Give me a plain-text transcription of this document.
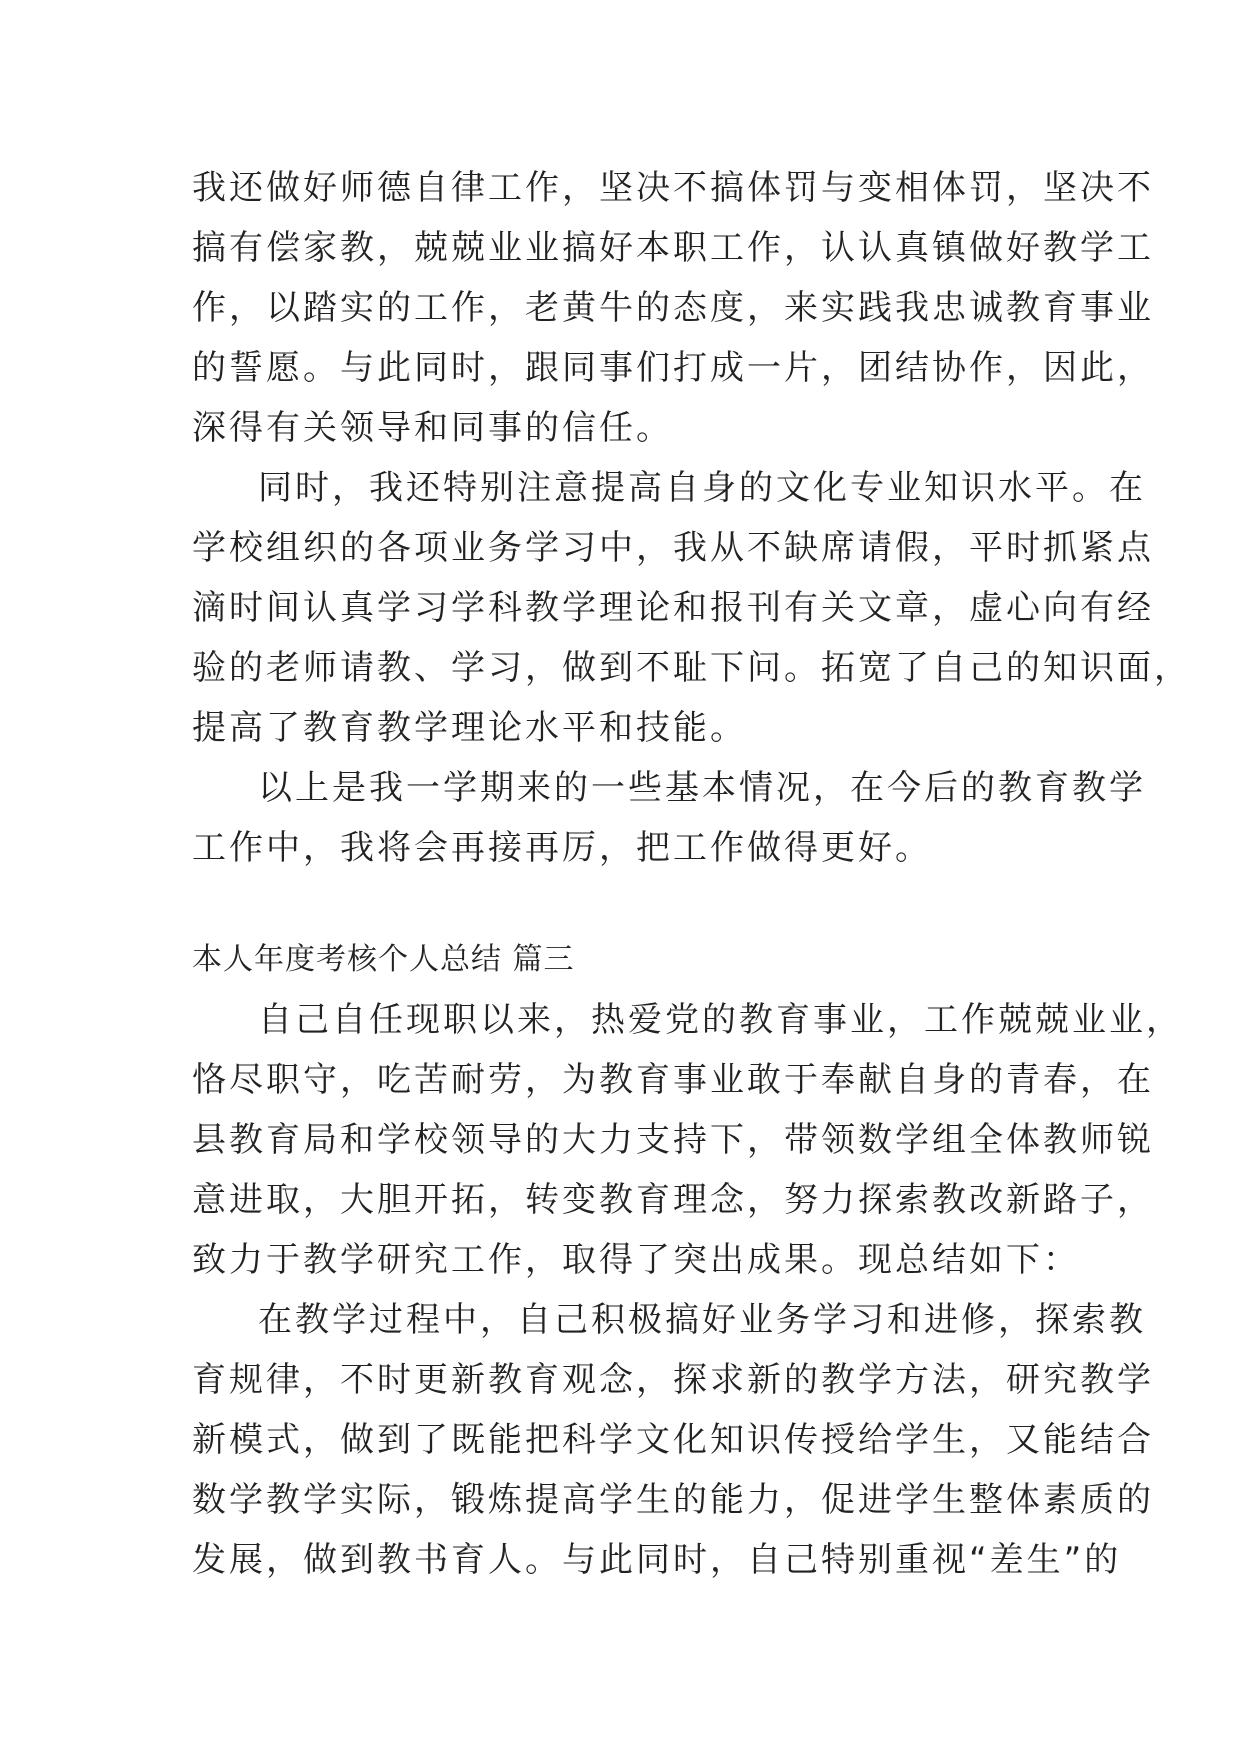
我还做好师德自律工作，坚决不搞体罚与变相体罚，坚决不
搞有偿家教，兢兢业业搞好本职工作，认认真镇做好教学工
作，以踏实的工作，老黄牛的态度，来实践我忠诚教育事业
的誓愿。与此同时，跟同事们打成一片，团结协作，因此，
深得有关领导和同事的信任。
同时，我还特别注意提高自身的文化专业知识水平。在
学校组织的各项业务学习中，我从不缺席请假，平时抓紧点
滴时间认真学习学科教学理论和报刊有关文章，虚心向有经
验的老师请教、学习，做到不耻下问。拓宽了自己的知识面，
提高了教育教学理论水平和技能。
以上是我一学期来的一些基本情况，在今后的教育教学
工作中，我将会再接再厉，把工作做得更好。
本人年度考核个人总结 篇三
自己自任现职以来，热爱党的教育事业，工作兢兢业业，
恪尽职守，吃苦耐劳，为教育事业敢于奉献自身的青春，在
县教育局和学校领导的大力支持下，带领数学组全体教师锐
意进取，大胆开拓，转变教育理念，努力探索教改新路子，
致力于教学研究工作，取得了突出成果。现总结如下：
在教学过程中，自己积极搞好业务学习和进修，探索教
育规律，不时更新教育观念，探求新的教学方法，研究教学
新模式，做到了既能把科学文化知识传授给学生，又能结合
数学教学实际，锻炼提高学生的能力，促进学生整体素质的
发展，做到教书育人。与此同时，自己特别重视“差生”的
